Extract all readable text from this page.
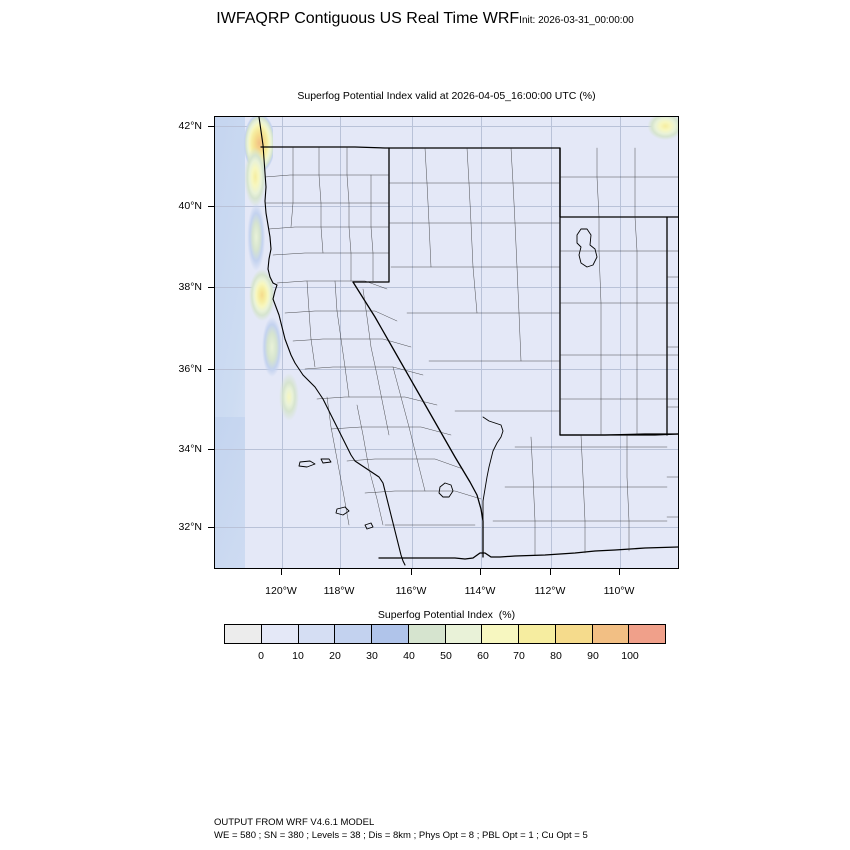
IWFAQRP Contiguous US Real Time WRFInit: 2026-03-31_00:00:00
Superfog Potential Index valid at 2026-04-05_16:00:00 UTC (%)
42°N
40°N
38°N
36°N
34°N
32°N
120°W	118°W	116°W	114°W	112°W	110°W
Superfog Potential Index  (%)
0	10	20	30	40	50	60	70	80	90	100
OUTPUT FROM WRF V4.6.1 MODEL
WE = 580 ; SN = 380 ; Levels = 38 ; Dis = 8km ; Phys Opt = 8 ; PBL Opt = 1 ; Cu Opt = 5
